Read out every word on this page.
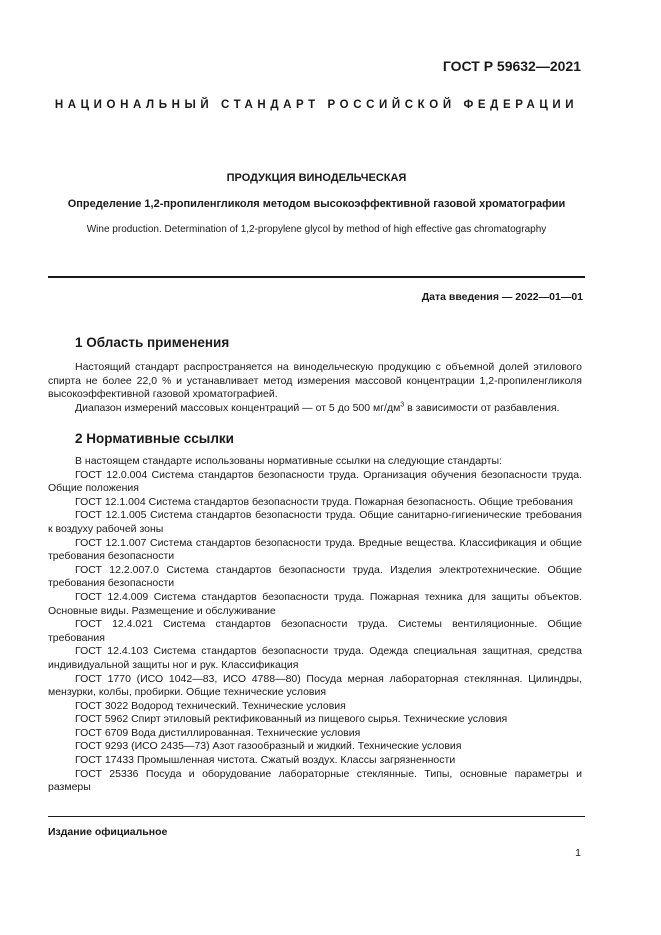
ГОСТ Р 59632—2021
НАЦИОНАЛЬНЫЙ СТАНДАРТ РОССИЙСКОЙ ФЕДЕРАЦИИ
ПРОДУКЦИЯ ВИНОДЕЛЬЧЕСКАЯ
Определение 1,2-пропиленгликоля методом высокоэффективной газовой хроматографии
Wine production. Determination of 1,2-propylene glycol by method of high effective gas chromatography
Дата введения — 2022—01—01
1 Область применения

Настоящий стандарт распространяется на винодельческую продукцию с объемной долей этилового спирта не более 22,0 % и устанавливает метод измерения массовой концентрации 1,2-пропиленгликоля высокоэффективной газовой хроматографией.

Диапазон измерений массовых концентраций — от 5 до 500 $мг/дм^3$ в зависимости от разбавления.

2 Нормативные ссылки

В настоящем стандарте использованы нормативные ссылки на следующие стандарты:

ГОСТ 12.0.004 Система стандартов безопасности труда. Организация обучения безопасности труда. Общие положения

ГОСТ 12.1.004 Система стандартов безопасности труда. Пожарная безопасность. Общие требования

ГОСТ 12.1.005 Система стандартов безопасности труда. Общие санитарно-гигиенические требования к воздуху рабочей зоны

ГОСТ 12.1.007 Система стандартов безопасности труда. Вредные вещества. Классификация и общие требования безопасности

ГОСТ 12.2.007.0 Система стандартов безопасности труда. Изделия электротехнические. Общие требования безопасности

ГОСТ 12.4.009 Система стандартов безопасности труда. Пожарная техника для защиты объектов. Основные виды. Размещение и обслуживание

ГОСТ 12.4.021 Система стандартов безопасности труда. Системы вентиляционные. Общие требования

ГОСТ 12.4.103 Система стандартов безопасности труда. Одежда специальная защитная, средства индивидуальной защиты ног и рук. Классификация

ГОСТ 1770 (ИСО 1042—83, ИСО 4788—80) Посуда мерная лабораторная стеклянная. Цилиндры, мензурки, колбы, пробирки. Общие технические условия

ГОСТ 3022 Водород технический. Технические условия

ГОСТ 5962 Спирт этиловый ректификованный из пищевого сырья. Технические условия

ГОСТ 6709 Вода дистиллированная. Технические условия

ГОСТ 9293 (ИСО 2435—73) Азот газообразный и жидкий. Технические условия

ГОСТ 17433 Промышленная чистота. Сжатый воздух. Классы загрязненности

ГОСТ 25336 Посуда и оборудование лабораторные стеклянные. Типы, основные параметры и размеры

Издание официальное
1
